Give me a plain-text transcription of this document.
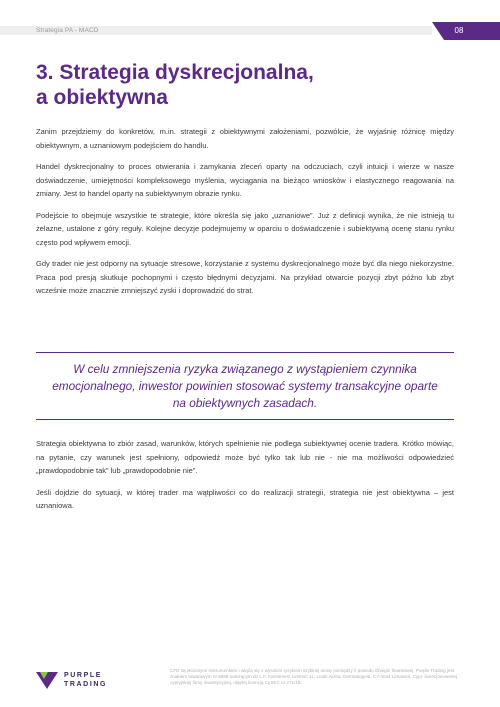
Strategia PA - MACD	08
3. Strategia dyskrecjonalna,
a obiektywna

Zanim przejdziemy do konkretów, m.in. strategii z obiektywnymi założeniami, pozwólcie, że wyjaśnię różnicę między obiektywnym, a uznaniowym podejściem do handlu.

Handel dyskrecjonalny to proces otwierania i zamykania zleceń oparty na odczuciach, czyli intuicji i wierze w nasze doświadczenie, umiejętności kompleksowego myślenia, wyciągania na bieżąco wniosków i elastycznego reagowania na zmiany. Jest to handel oparty na subiektywnym obrazie rynku.

Podejście to obejmuje wszystkie te strategie, które określa się jako „uznaniowe”. Już z definicji wynika, że nie istnieją tu żelazne, ustalone z góry reguły. Kolejne decyzje podejmujemy w oparciu o doświadczenie i subiektywną ocenę stanu rynku często pod wpływem emocji.

Gdy trader nie jest odporny na sytuacje stresowe, korzystanie z systemu dyskrecjonalnego może być dla niego niekorzystne. Praca pod presją skutkuje pochopnymi i często błędnymi decyzjami. Na przykład otwarcie pozycji zbyt późno lub zbyt wcześnie może znacznie zmniejszyć zyski i doprowadzić do strat.

W celu zmniejszenia ryzyka związanego z wystąpieniem czynnika emocjonalnego, inwestor powinien stosować systemy transakcyjne oparte na obiektywnych zasadach.

Strategia obiektywna to zbiór zasad, warunków, których spełnienie nie podlega subiektywnej ocenie tradera. Krótko mówiąc, na pytanie, czy warunek jest spełniony, odpowiedź może być tylko tak lub nie - nie ma możliwości odpowiedzieć „prawdopodobnie tak” lub „prawdopodobnie nie”.

Jeśli dojdzie do sytuacji, w której trader ma wątpliwości co do realizacji strategii, strategia nie jest obiektywna – jest uznaniowa.

PURPLE
TRADING
CFD są złożonymi instrumentami i wiążą się z wysokim ryzykiem szybkiej utraty pieniędzy z powodu dźwigni finansowej. Purple Trading jest znakiem towarowym nr 8888 należącym do L.F. Investment Limited, 11, Louki Akrita, Germasogeia, CY-4044 Limassol, Cypr, licencjonowanej cypryjskiej firmy inwestycyjnej, objętej licencją CySEC nr 271/15.
